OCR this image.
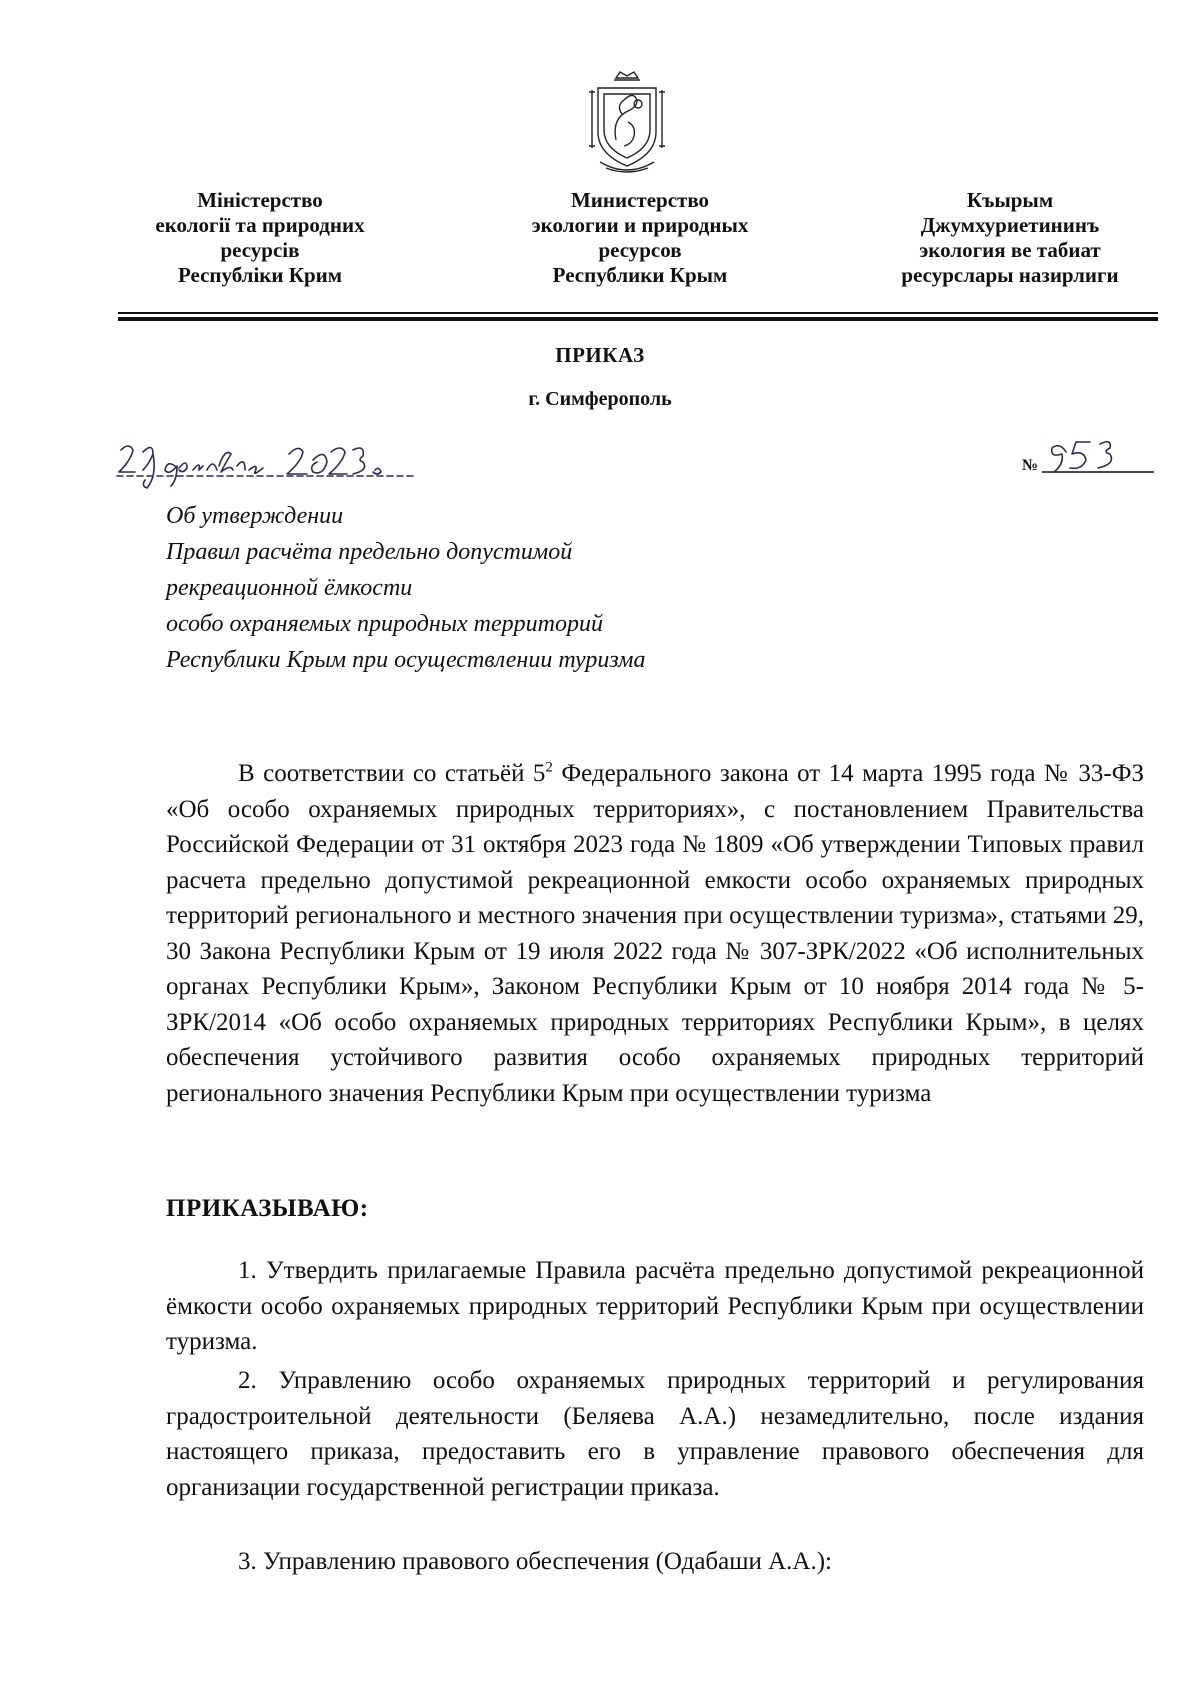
Міністерство
екології та природних
ресурсів
Республіки Крим
Министерство
экологии и природных
ресурсов
Республики Крым
Къырым
Джумхуриетининъ
экология ве табиат
ресурслары назирлиги
ПРИКАЗ
г. Симферополь
№
Об утверждении
Правил расчёта предельно допустимой
рекреационной ёмкости
особо охраняемых природных территорий
Республики Крым при осуществлении туризма
В соответствии со статьёй $5^2$ Федерального закона от 14 марта 1995 года № 33-ФЗ «Об особо охраняемых природных территориях», с постановлением Правительства Российской Федерации от 31 октября 2023 года № 1809 «Об утверждении Типовых правил расчета предельно допустимой рекреационной емкости особо охраняемых природных территорий регионального и местного значения при осуществлении туризма», статьями 29, 30 Закона Республики Крым от 19 июля 2022 года № 307-ЗРК/2022 «Об исполнительных органах Республики Крым», Законом Республики Крым от 10 ноября 2014 года № 5-ЗРК/2014 «Об особо охраняемых природных территориях Республики Крым», в целях обеспечения устойчивого развития особо охраняемых природных территорий регионального значения Республики Крым при осуществлении туризма
ПРИКАЗЫВАЮ:
1. Утвердить прилагаемые Правила расчёта предельно допустимой рекреационной ёмкости особо охраняемых природных территорий Республики Крым при осуществлении туризма.
2. Управлению особо охраняемых природных территорий и регулирования градостроительной деятельности (Беляева А.А.) незамедлительно, после издания настоящего приказа, предоставить его в управление правового обеспечения для организации государственной регистрации приказа.
3. Управлению правового обеспечения (Одабаши А.А.):
